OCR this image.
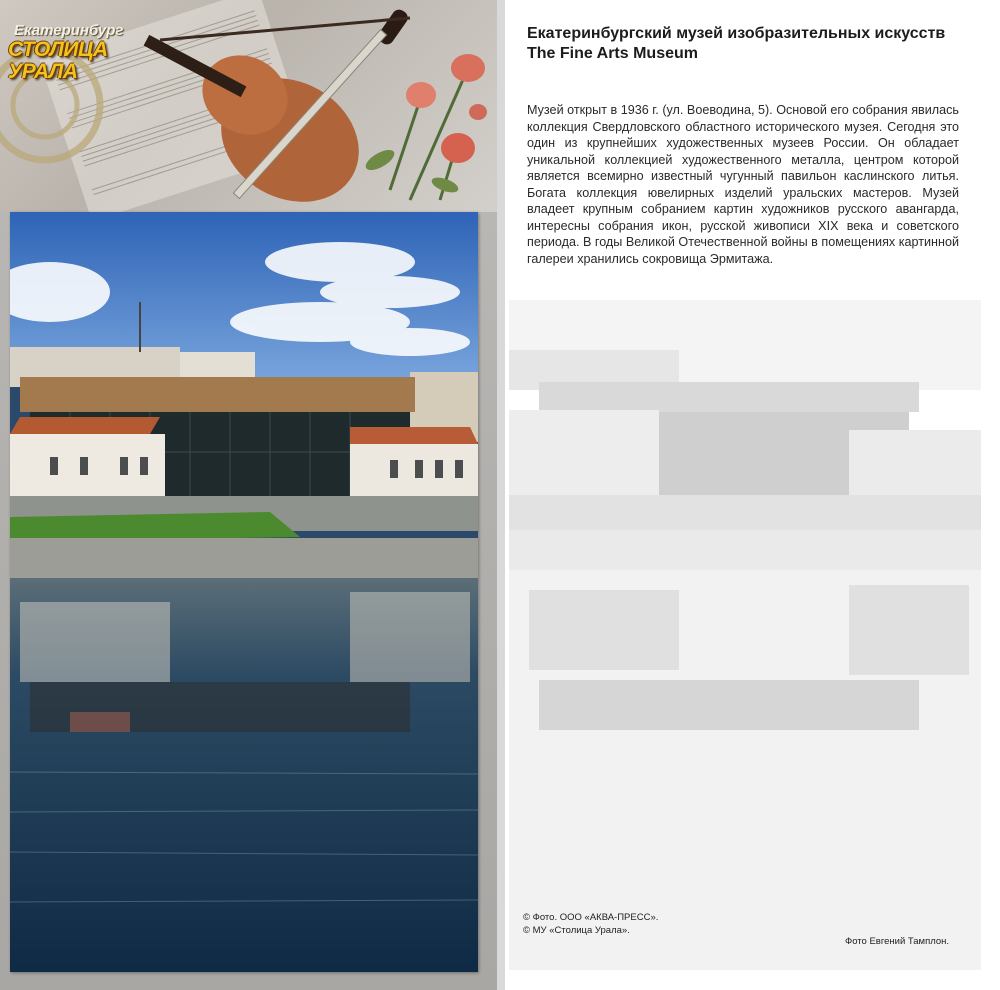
Екатеринбург
СТОЛИЦА
УРАЛА
Екатеринбургский музей изобразительных искусств
The Fine Arts Museum

Музей открыт в 1936 г. (ул. Воеводина, 5). Основой его собрания явилась коллекция Свердловского областного исторического музея. Сегодня это один из крупнейших художественных музеев России. Он обладает уникальной коллекцией художественного металла, центром которой является всемирно известный чугунный павильон каслинского литья. Богата коллекция ювелирных изделий уральских мастеров. Музей владеет крупным собранием картин художников русского авангарда, интересны собрания икон, русской живописи XIX века и советского периода. В годы Великой Отечественной войны в помещениях картинной галереи хранились сокровища Эрмитажа.

© Фото. ООО «АКВА-ПРЕСС».
© МУ «Столица Урала».
Фото Евгений Тамплон.
